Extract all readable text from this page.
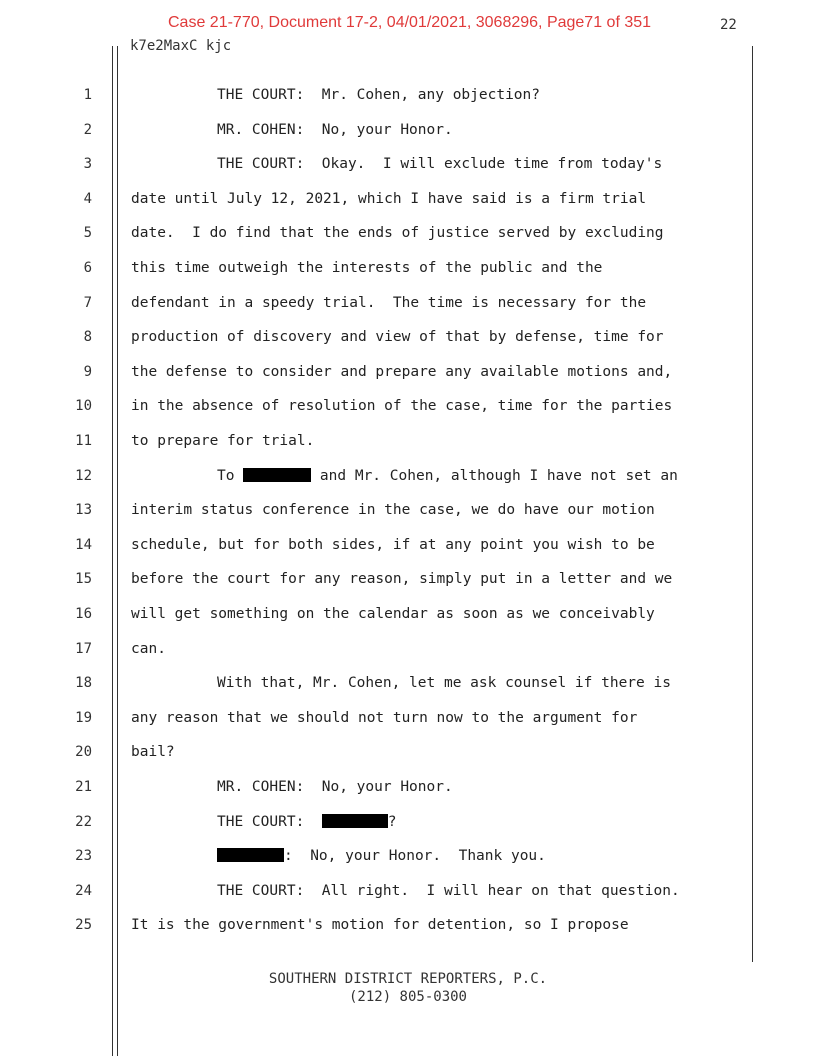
Case 21-770, Document 17-2, 04/01/2021, 3068296, Page71 of 351	22
k7e2MaxC kjc
1	THE COURT:  Mr. Cohen, any objection?
2	MR. COHEN:  No, your Honor.
3	THE COURT:  Okay.  I will exclude time from today's
4	date until July 12, 2021, which I have said is a firm trial
5	date.  I do find that the ends of justice served by excluding
6	this time outweigh the interests of the public and the
7	defendant in a speedy trial.  The time is necessary for the
8	production of discovery and view of that by defense, time for
9	the defense to consider and prepare any available motions and,
10	in the absence of resolution of the case, time for the parties
11	to prepare for trial.
12	To	and Mr. Cohen, although I have not set an
13	interim status conference in the case, we do have our motion
14	schedule, but for both sides, if at any point you wish to be
15	before the court for any reason, simply put in a letter and we
16	will get something on the calendar as soon as we conceivably
17	can.
18	With that, Mr. Cohen, let me ask counsel if there is
19	any reason that we should not turn now to the argument for
20	bail?
21	MR. COHEN:  No, your Honor.
22	THE COURT:	?
23	:  No, your Honor.  Thank you.
24	THE COURT:  All right.  I will hear on that question.
25	It is the government's motion for detention, so I propose
SOUTHERN DISTRICT REPORTERS, P.C.
(212) 805-0300
